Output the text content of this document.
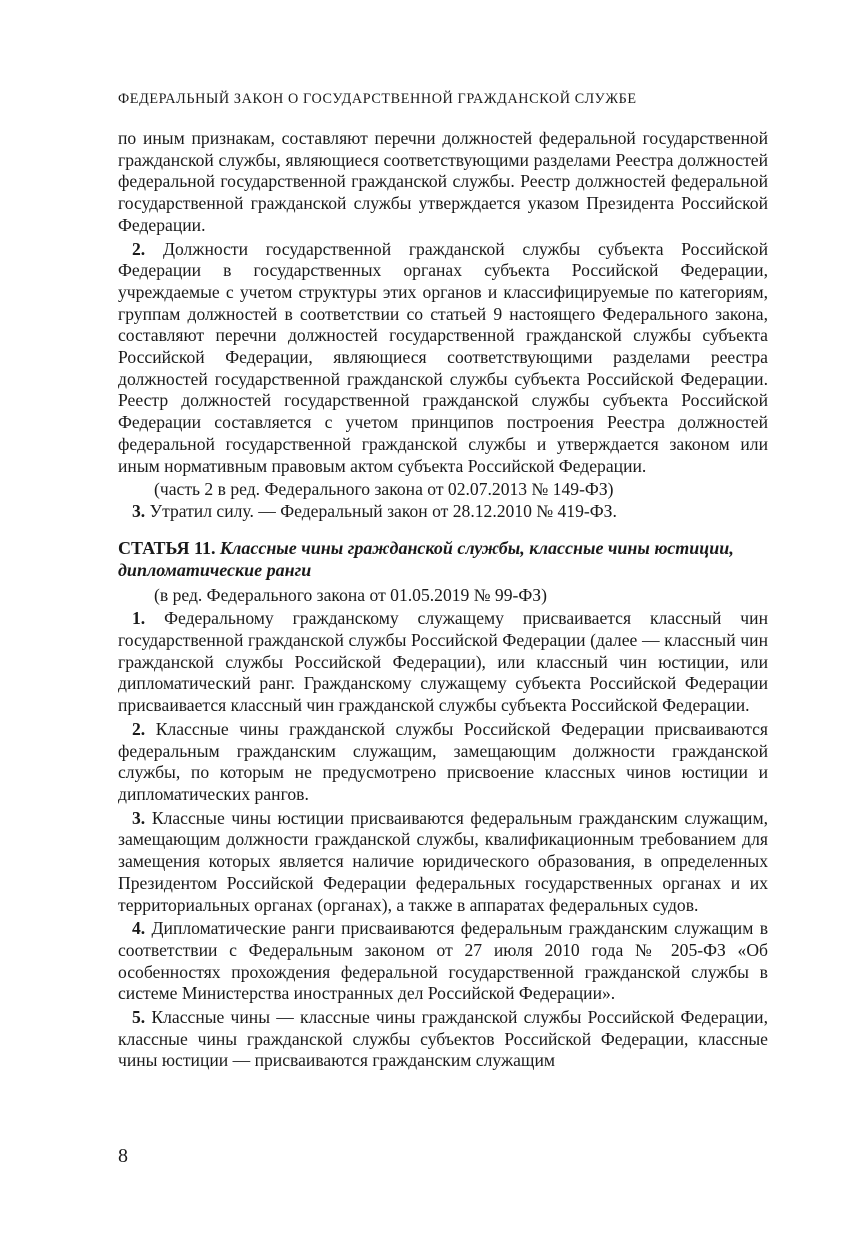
ФЕДЕРАЛЬНЫЙ ЗАКОН О ГОСУДАРСТВЕННОЙ ГРАЖДАНСКОЙ СЛУЖБЕ

по иным признакам, составляют перечни должностей федеральной государственной гражданской службы, являющиеся соответствующими разделами Реестра должностей федеральной государственной гражданской службы. Реестр должностей федеральной государственной гражданской службы утверждается указом Президента Российской Федерации.

2. Должности государственной гражданской службы субъекта Российской Федерации в государственных органах субъекта Российской Федерации, учреждаемые с учетом структуры этих органов и классифицируемые по категориям, группам должностей в соответствии со статьей 9 настоящего Федерального закона, составляют перечни должностей государственной гражданской службы субъекта Российской Федерации, являющиеся соответствующими разделами реестра должностей государственной гражданской службы субъекта Российской Федерации. Реестр должностей государственной гражданской службы субъекта Российской Федерации составляется с учетом принципов построения Реестра должностей федеральной государственной гражданской службы и утверждается законом или иным нормативным правовым актом субъекта Российской Федерации.

(часть 2 в ред. Федерального закона от 02.07.2013 № 149-ФЗ)

3. Утратил силу. — Федеральный закон от 28.12.2010 № 419-ФЗ.

СТАТЬЯ 11. Классные чины гражданской службы, классные чины юстиции, дипломатические ранги

(в ред. Федерального закона от 01.05.2019 № 99-ФЗ)

1. Федеральному гражданскому служащему присваивается классный чин государственной гражданской службы Российской Федерации (далее — классный чин гражданской службы Российской Федерации), или классный чин юстиции, или дипломатический ранг. Гражданскому служащему субъекта Российской Федерации присваивается классный чин гражданской службы субъекта Российской Федерации.

2. Классные чины гражданской службы Российской Федерации присваиваются федеральным гражданским служащим, замещающим должности гражданской службы, по которым не предусмотрено присвоение классных чинов юстиции и дипломатических рангов.

3. Классные чины юстиции присваиваются федеральным гражданским служащим, замещающим должности гражданской службы, квалификационным требованием для замещения которых является наличие юридического образования, в определенных Президентом Российской Федерации федеральных государственных органах и их территориальных органах (органах), а также в аппаратах федеральных судов.

4. Дипломатические ранги присваиваются федеральным гражданским служащим в соответствии с Федеральным законом от 27 июля 2010 года № 205-ФЗ «Об особенностях прохождения федеральной государственной гражданской службы в системе Министерства иностранных дел Российской Федерации».

5. Классные чины — классные чины гражданской службы Российской Федерации, классные чины гражданской службы субъектов Российской Федерации, классные чины юстиции — присваиваются гражданским служащим

8
